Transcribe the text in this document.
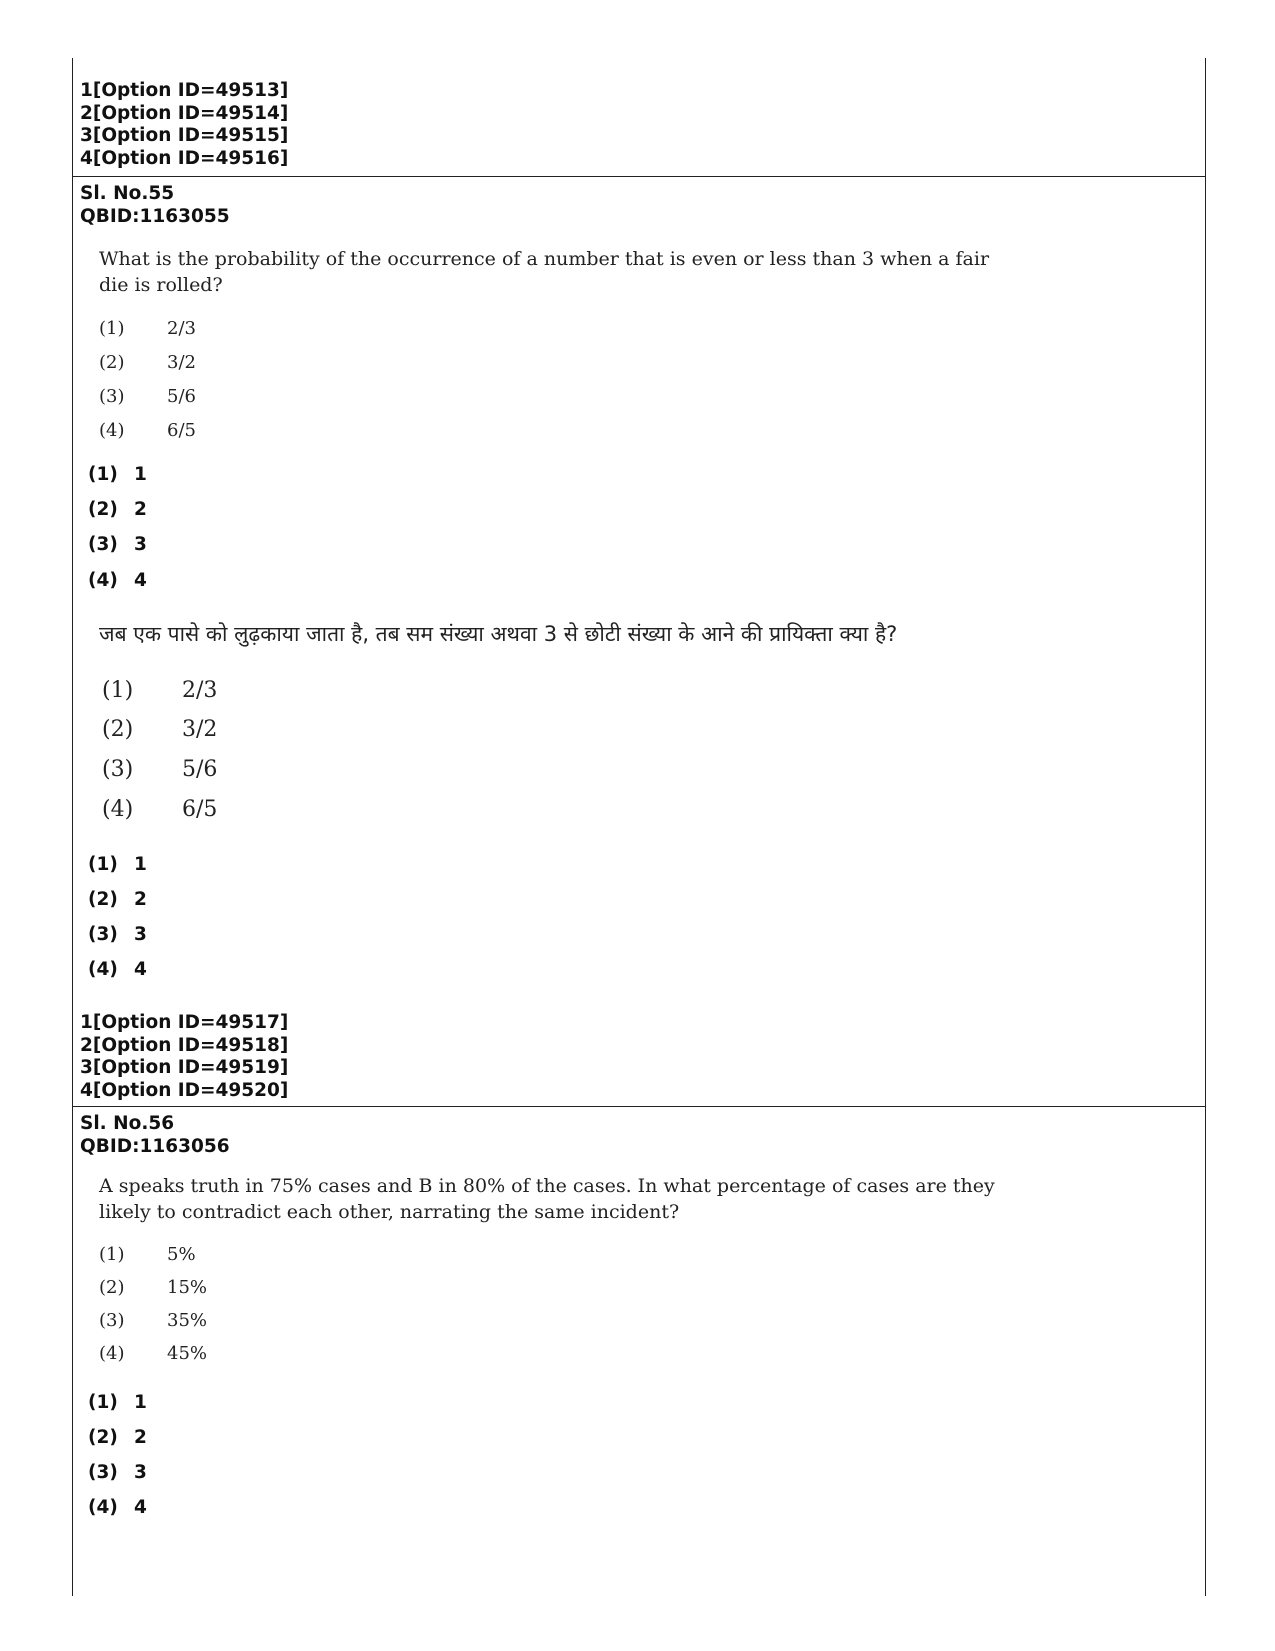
1[Option ID=49513]
2[Option ID=49514]
3[Option ID=49515]
4[Option ID=49516]
Sl. No.55
QBID:1163055
What is the probability of the occurrence of a number that is even or less than 3 when a fair
die is rolled?
(1) 2/3
(2) 3/2
(3) 5/6
(4) 6/5
(1) 1
(2) 2
(3) 3
(4) 4
जब एक पासे को लुढ़काया जाता है, तब सम संख्या अथवा 3 से छोटी संख्या के आने की प्रायिक्ता क्या है?
(1) 2/3
(2) 3/2
(3) 5/6
(4) 6/5
(1) 1
(2) 2
(3) 3
(4) 4
1[Option ID=49517]
2[Option ID=49518]
3[Option ID=49519]
4[Option ID=49520]
Sl. No.56
QBID:1163056
A speaks truth in 75% cases and B in 80% of the cases. In what percentage of cases are they
likely to contradict each other, narrating the same incident?
(1) 5%
(2) 15%
(3) 35%
(4) 45%
(1) 1
(2) 2
(3) 3
(4) 4
